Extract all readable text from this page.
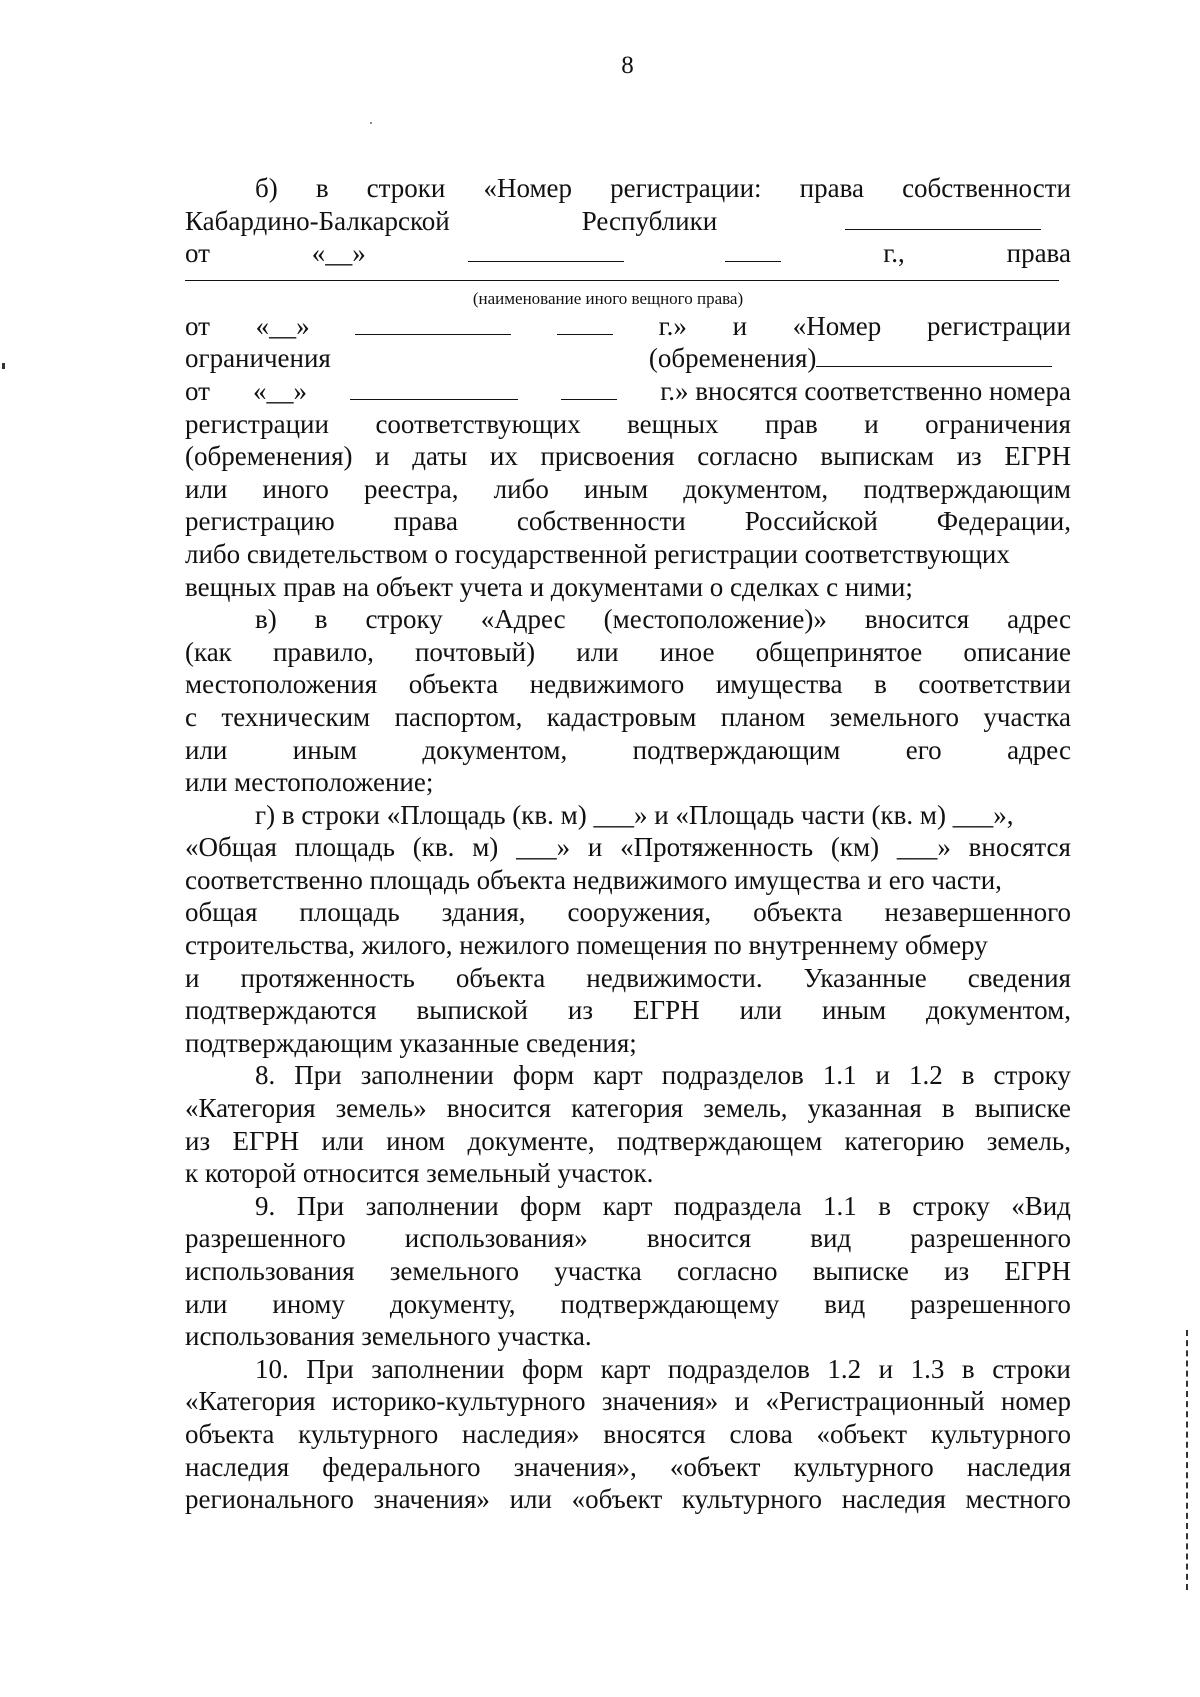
8
б) в строки «Номер регистрации: права собственности
Кабардино-Балкарской	Республики
от	«__»	г.,	права
(наименование иного вещного права)
от «__»	г.» и «Номер регистрации
ограничения	(обременения)
от «__»	г.» вносятся соответственно номера
регистрации соответствующих вещных прав и ограничения
(обременения) и даты их присвоения согласно выпискам из ЕГРН
или иного реестра, либо иным документом, подтверждающим
регистрацию права собственности Российской Федерации,
либо свидетельством о государственной регистрации соответствующих
вещных прав на объект учета и документами о сделках с ними;
в) в строку «Адрес (местоположение)» вносится адрес
(как правило, почтовый) или иное общепринятое описание
местоположения объекта недвижимого имущества в соответствии
с техническим паспортом, кадастровым планом земельного участка
или иным документом, подтверждающим его адрес
или местоположение;
г) в строки «Площадь (кв. м) ___» и «Площадь части (кв. м) ___»,
«Общая площадь (кв. м) ___» и «Протяженность (км) ___» вносятся
соответственно площадь объекта недвижимого имущества и его части,
общая площадь здания, сооружения, объекта незавершенного
строительства, жилого, нежилого помещения по внутреннему обмеру
и протяженность объекта недвижимости. Указанные сведения
подтверждаются выпиской из ЕГРН или иным документом,
подтверждающим указанные сведения;
8. При заполнении форм карт подразделов 1.1 и 1.2 в строку
«Категория земель» вносится категория земель, указанная в выписке
из ЕГРН или ином документе, подтверждающем категорию земель,
к которой относится земельный участок.
9. При заполнении форм карт подраздела 1.1 в строку «Вид
разрешенного использования» вносится вид разрешенного
использования земельного участка согласно выписке из ЕГРН
или иному документу, подтверждающему вид разрешенного
использования земельного участка.
10. При заполнении форм карт подразделов 1.2 и 1.3 в строки
«Категория историко-культурного значения» и «Регистрационный номер
объекта культурного наследия» вносятся слова «объект культурного
наследия федерального значения», «объект культурного наследия
регионального значения» или «объект культурного наследия местного
